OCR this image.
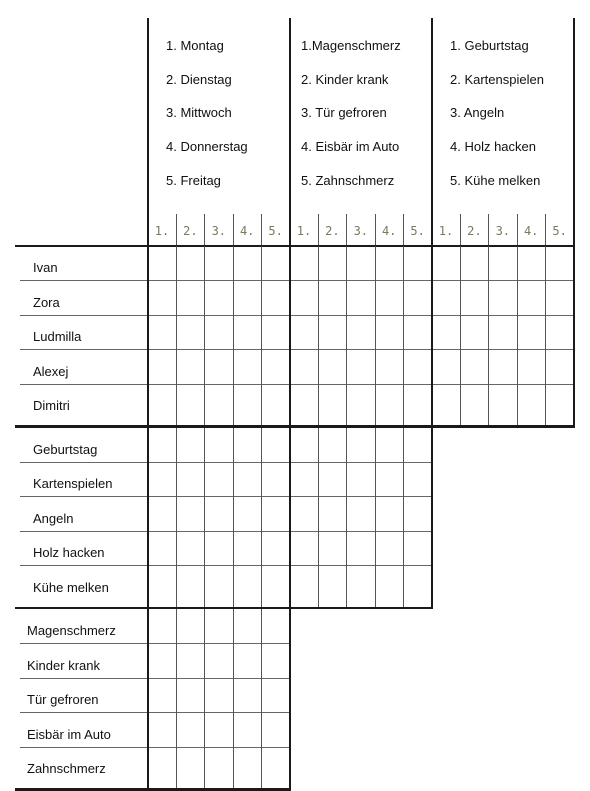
1. Montag
2. Dienstag
3. Mittwoch
4. Donnerstag
5. Freitag
1.	2.	3.	4.	5.
1.Magenschmerz
2. Kinder krank
3. Tür gefroren
4. Eisbär im Auto
5. Zahnschmerz
1.	2.	3.	4.	5.
1. Geburtstag
2. Kartenspielen
3. Angeln
4. Holz hacken
5. Kühe melken
1.	2.	3.	4.	5.
Ivan
Zora
Ludmilla
Alexej
Dimitri
Geburtstag
Kartenspielen
Angeln
Holz hacken
Kühe melken
Magenschmerz
Kinder krank
Tür gefroren
Eisbär im Auto
Zahnschmerz
